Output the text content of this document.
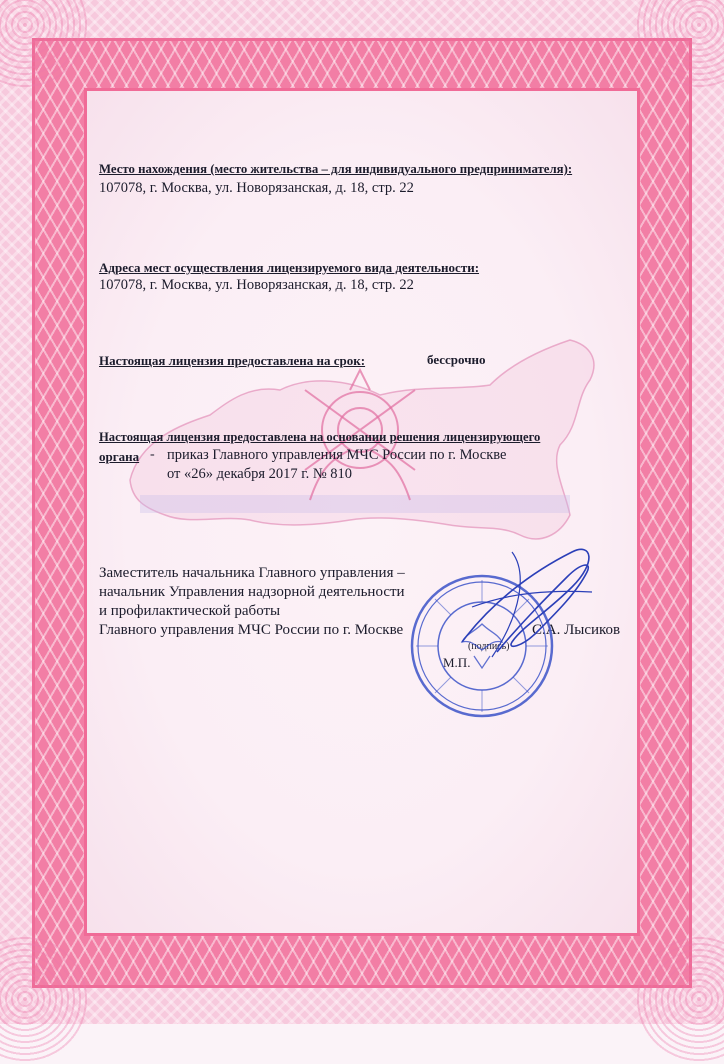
Место нахождения (место жительства – для индивидуального предпринимателя):
107078, г. Москва, ул. Новорязанская, д. 18, стр. 22
Адреса мест осуществления лицензируемого вида деятельности:
107078, г. Москва, ул. Новорязанская, д. 18, стр. 22
Настоящая лицензия предоставлена на срок:	бессрочно
Настоящая лицензия предоставлена на основании решения лицензирующего
органа - приказ Главного управления МЧС России по г. Москве
от «26» декабря 2017 г. № 810
Заместитель начальника Главного управления –
начальник Управления надзорной деятельности
и профилактической работы
Главного управления МЧС России по г. Москве	С.А. Лысиков
(подпись)
М.П.
